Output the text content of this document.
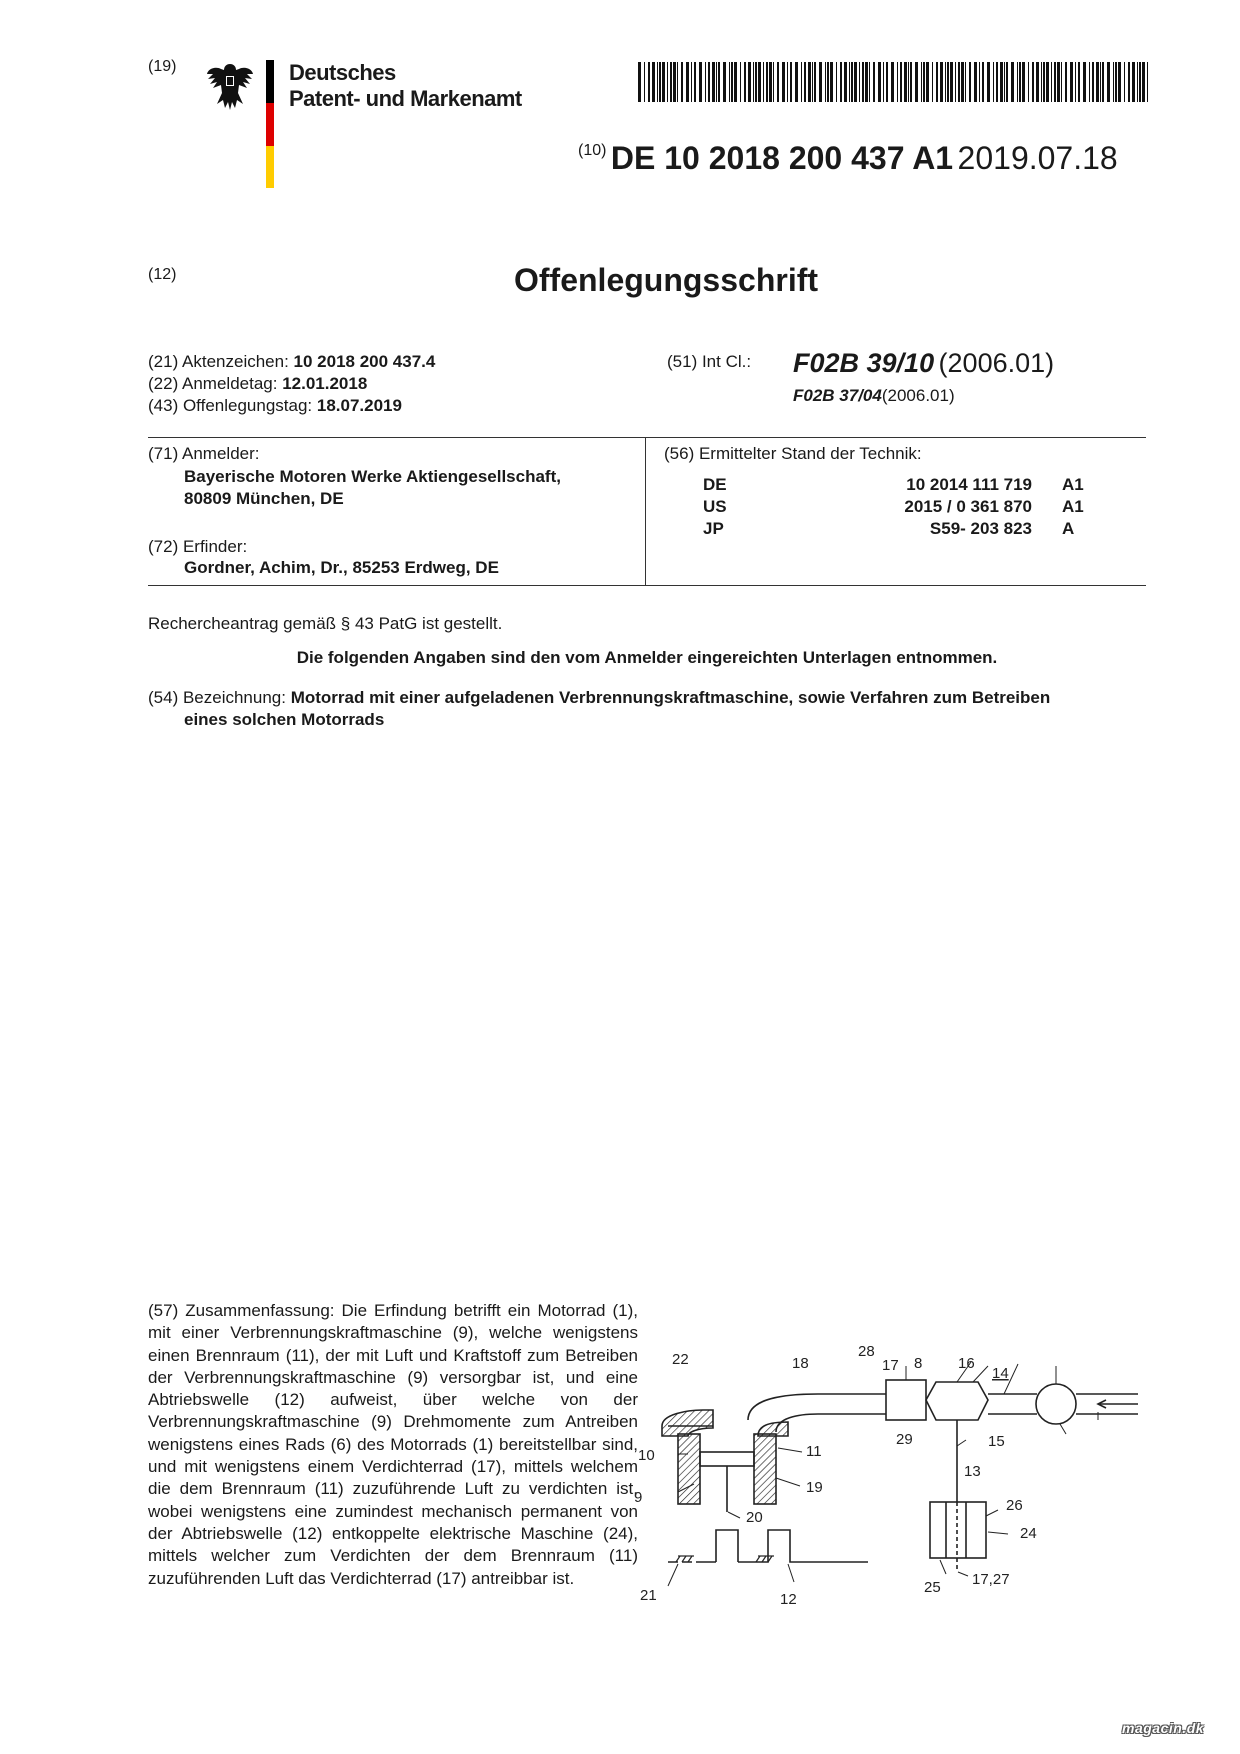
(19)	Deutsches
Patent- und Markenamt
(10) DE 10 2018 200 437 A1 2019.07.18
(12)	Offenlegungsschrift
(21) Aktenzeichen: 10 2018 200 437.4
(22) Anmeldetag: 12.01.2018
(43) Offenlegungstag: 18.07.2019
(51) Int Cl.: F02B 39/10 (2006.01)
F02B 37/04(2006.01)
(71) Anmelder:
Bayerische Motoren Werke Aktiengesellschaft,
80809 München, DE
(72) Erfinder:
Gordner, Achim, Dr., 85253 Erdweg, DE
(56) Ermittelter Stand der Technik:
DE	10 2014 111 719 A1
US	2015 / 0 361 870 A1
JP	S59- 203 823 A
Rechercheantrag gemäß § 43 PatG ist gestellt.
Die folgenden Angaben sind den vom Anmelder eingereichten Unterlagen entnommen.
(54) Bezeichnung: Motorrad mit einer aufgeladenen Verbrennungskraftmaschine, sowie Verfahren zum Betreiben
eines solchen Motorrads
(57) Zusammenfassung: Die Erfindung betrifft ein Motorrad (1), mit einer Verbrennungskraftmaschine (9), welche wenigstens einen Brennraum (11), der mit Luft und Kraftstoff zum Betreiben der Verbrennungskraftmaschine (9) versorgbar ist, und eine Abtriebswelle (12) aufweist, über welche von der Verbrennungskraftmaschine (9) Drehmomente zum Antreiben wenigstens eines Rads (6) des Motorrads (1) bereitstellbar sind, und mit wenigstens einem Verdichterrad (17), mittels welchem die dem Brennraum (11) zuzuführende Luft zu verdichten ist, wobei wenigstens eine zumindest mechanisch permanent von der Abtriebswelle (12) entkoppelte elektrische Maschine (24), mittels welcher zum Verdichten der dem Brennraum (11) zuzuführenden Luft das Verdichterrad (17) antreibbar ist.
22	18
28
17 8 16
14
10	11
29	15
13
9
19
26
20
24
21	25 17,27
12
magacin.dk
